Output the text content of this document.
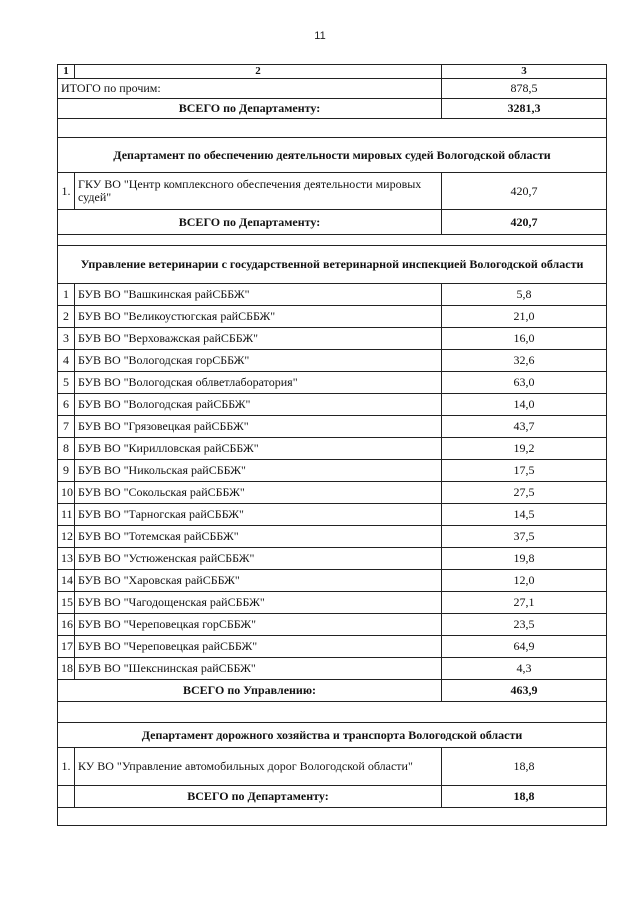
11
1	2	3
ИТОГО по прочим:		878,5
ВСЕГО по Департаменту:		3281,3

Департамент по обеспечению деятельности мировых судей Вологодской области		
1.	ГКУ ВО "Центр комплексного обеспечения деятельности мировых судей"	420,7
ВСЕГО по Департаменту:		420,7

Управление ветеринарии с государственной ветеринарной инспекцией Вологодской области		
1	БУВ ВО "Вашкинская райСББЖ"	5,8
2	БУВ ВО "Великоустюгская райСББЖ"	21,0
3	БУВ ВО "Верховажская райСББЖ"	16,0
4	БУВ ВО "Вологодская горСББЖ"	32,6
5	БУВ ВО "Вологодская облветлаборатория"	63,0
6	БУВ ВО "Вологодская райСББЖ"	14,0
7	БУВ ВО "Грязовецкая райСББЖ"	43,7
8	БУВ ВО "Кирилловская райСББЖ"	19,2
9	БУВ ВО "Никольская райСББЖ"	17,5
10	БУВ ВО "Сокольская райСББЖ"	27,5
11	БУВ ВО "Тарногская райСББЖ"	14,5
12	БУВ ВО "Тотемская райСББЖ"	37,5
13	БУВ ВО "Устюженская райСББЖ"	19,8
14	БУВ ВО "Харовская райСББЖ"	12,0
15	БУВ ВО "Чагодощенская райСББЖ"	27,1
16	БУВ ВО "Череповецкая горСББЖ"	23,5
17	БУВ ВО "Череповецкая райСББЖ"	64,9
18	БУВ ВО "Шекснинская райСББЖ"	4,3
ВСЕГО по Управлению:		463,9

Департамент дорожного хозяйства и транспорта Вологодской области		
1.	КУ ВО "Управление автомобильных дорог Вологодской области"	18,8
	ВСЕГО по Департаменту:	18,8
